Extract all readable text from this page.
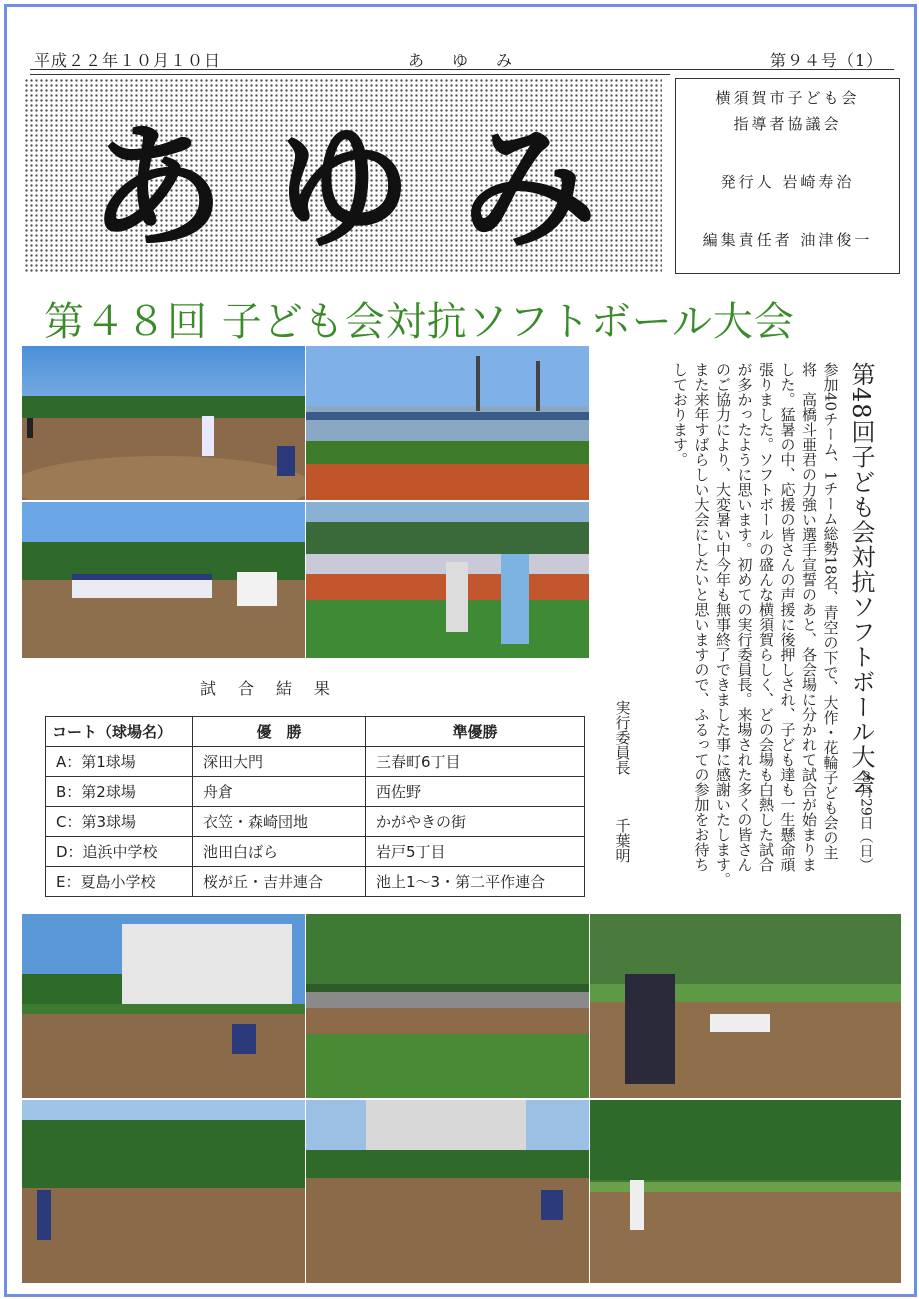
平成２２年１０月１０日	あ　ゆ　み	第９４号（1）
あ ゆ み
横須賀市子ども会
指導者協議会
発行人 岩崎寿治
編集責任者 油津俊一
第４８回 子ども会対抗ソフトボール大会
第48回子ども会対抗ソフトボール大会
８月29日（日）
参加40チーム、1チーム総勢18名、青空の下で、大作・花輪子ども会の主
将　高橋斗亜君の力強い選手宣誓のあと、各会場に分かれて試合が始まりま
した。猛暑の中、応援の皆さんの声援に後押しされ、子ども達も一生懸命頑
張りました。ソフトボールの盛んな横須賀らしく、どの会場も白熱した試合
が多かったように思います。初めての実行委員長。来場された多くの皆さん
のご協力により、大変暑い中今年も無事終了できました事に感謝いたします。
また来年すばらしい大会にしたいと思いますので、ふるっての参加をお待ち
しております。
実行委員長
千葉明
試合結果
コート（球場名）	優　勝	準優勝
A：第1球場	深田大門	三春町6丁目
B：第2球場	舟倉	西佐野
C：第3球場	衣笠・森崎団地	かがやきの街
D：追浜中学校	池田白ばら	岩戸5丁目
E：夏島小学校	桜が丘・吉井連合	池上1〜3・第二平作連合
